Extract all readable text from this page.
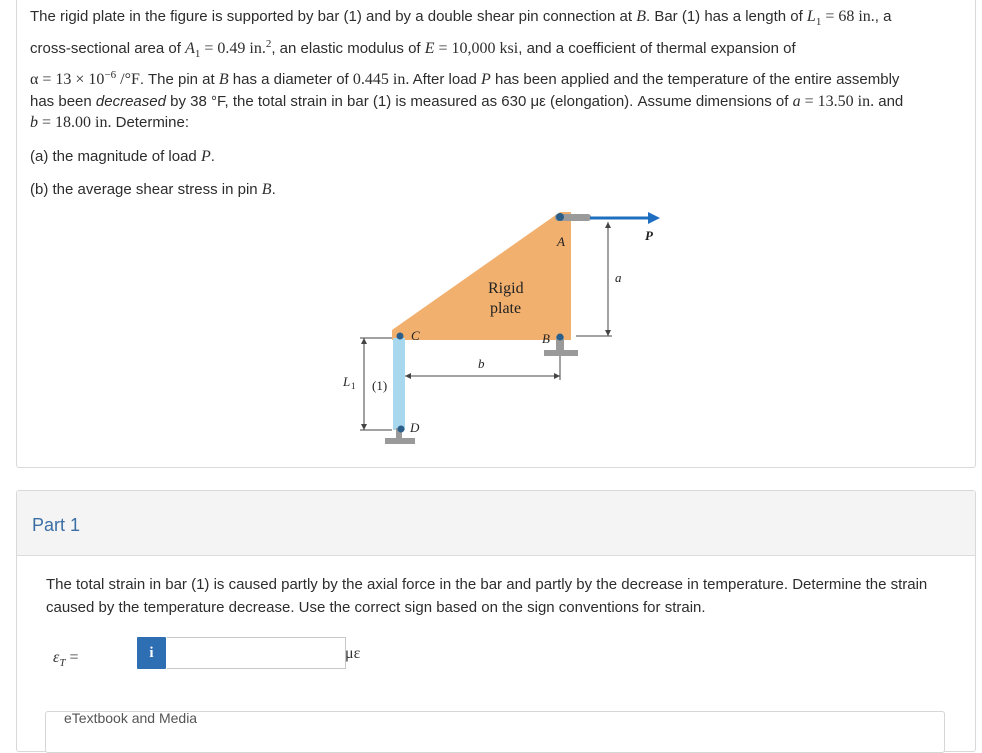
The rigid plate in the figure is supported by bar (1) and by a double shear pin connection at B. Bar (1) has a length of $L_1 = 68$ in., a
cross-sectional area of $A_1 = 0.49$ in.$^2$, an elastic modulus of E = 10,000 ksi, and a coefficient of thermal expansion of
$\alpha = 13 \times 10^{-6}$ /°F. The pin at B has a diameter of 0.445 in. After load P has been applied and the temperature of the entire assembly
has been decreased by 38 °F, the total strain in bar (1) is measured as 630 με (elongation). Assume dimensions of a = 13.50 in. and
b = 18.00 in. Determine:

(a) the magnitude of load P.

(b) the average shear stress in pin B.

A
B
C
D
P
a
b
L 1 (1)
Rigid
plate
Part 1
The total strain in bar (1) is caused partly by the axial force in the bar and partly by the decrease in temperature. Determine the strain caused by the temperature decrease. Use the correct sign based on the sign conventions for strain.
$\varepsilon_T$ =	i	με
eTextbook and Media
